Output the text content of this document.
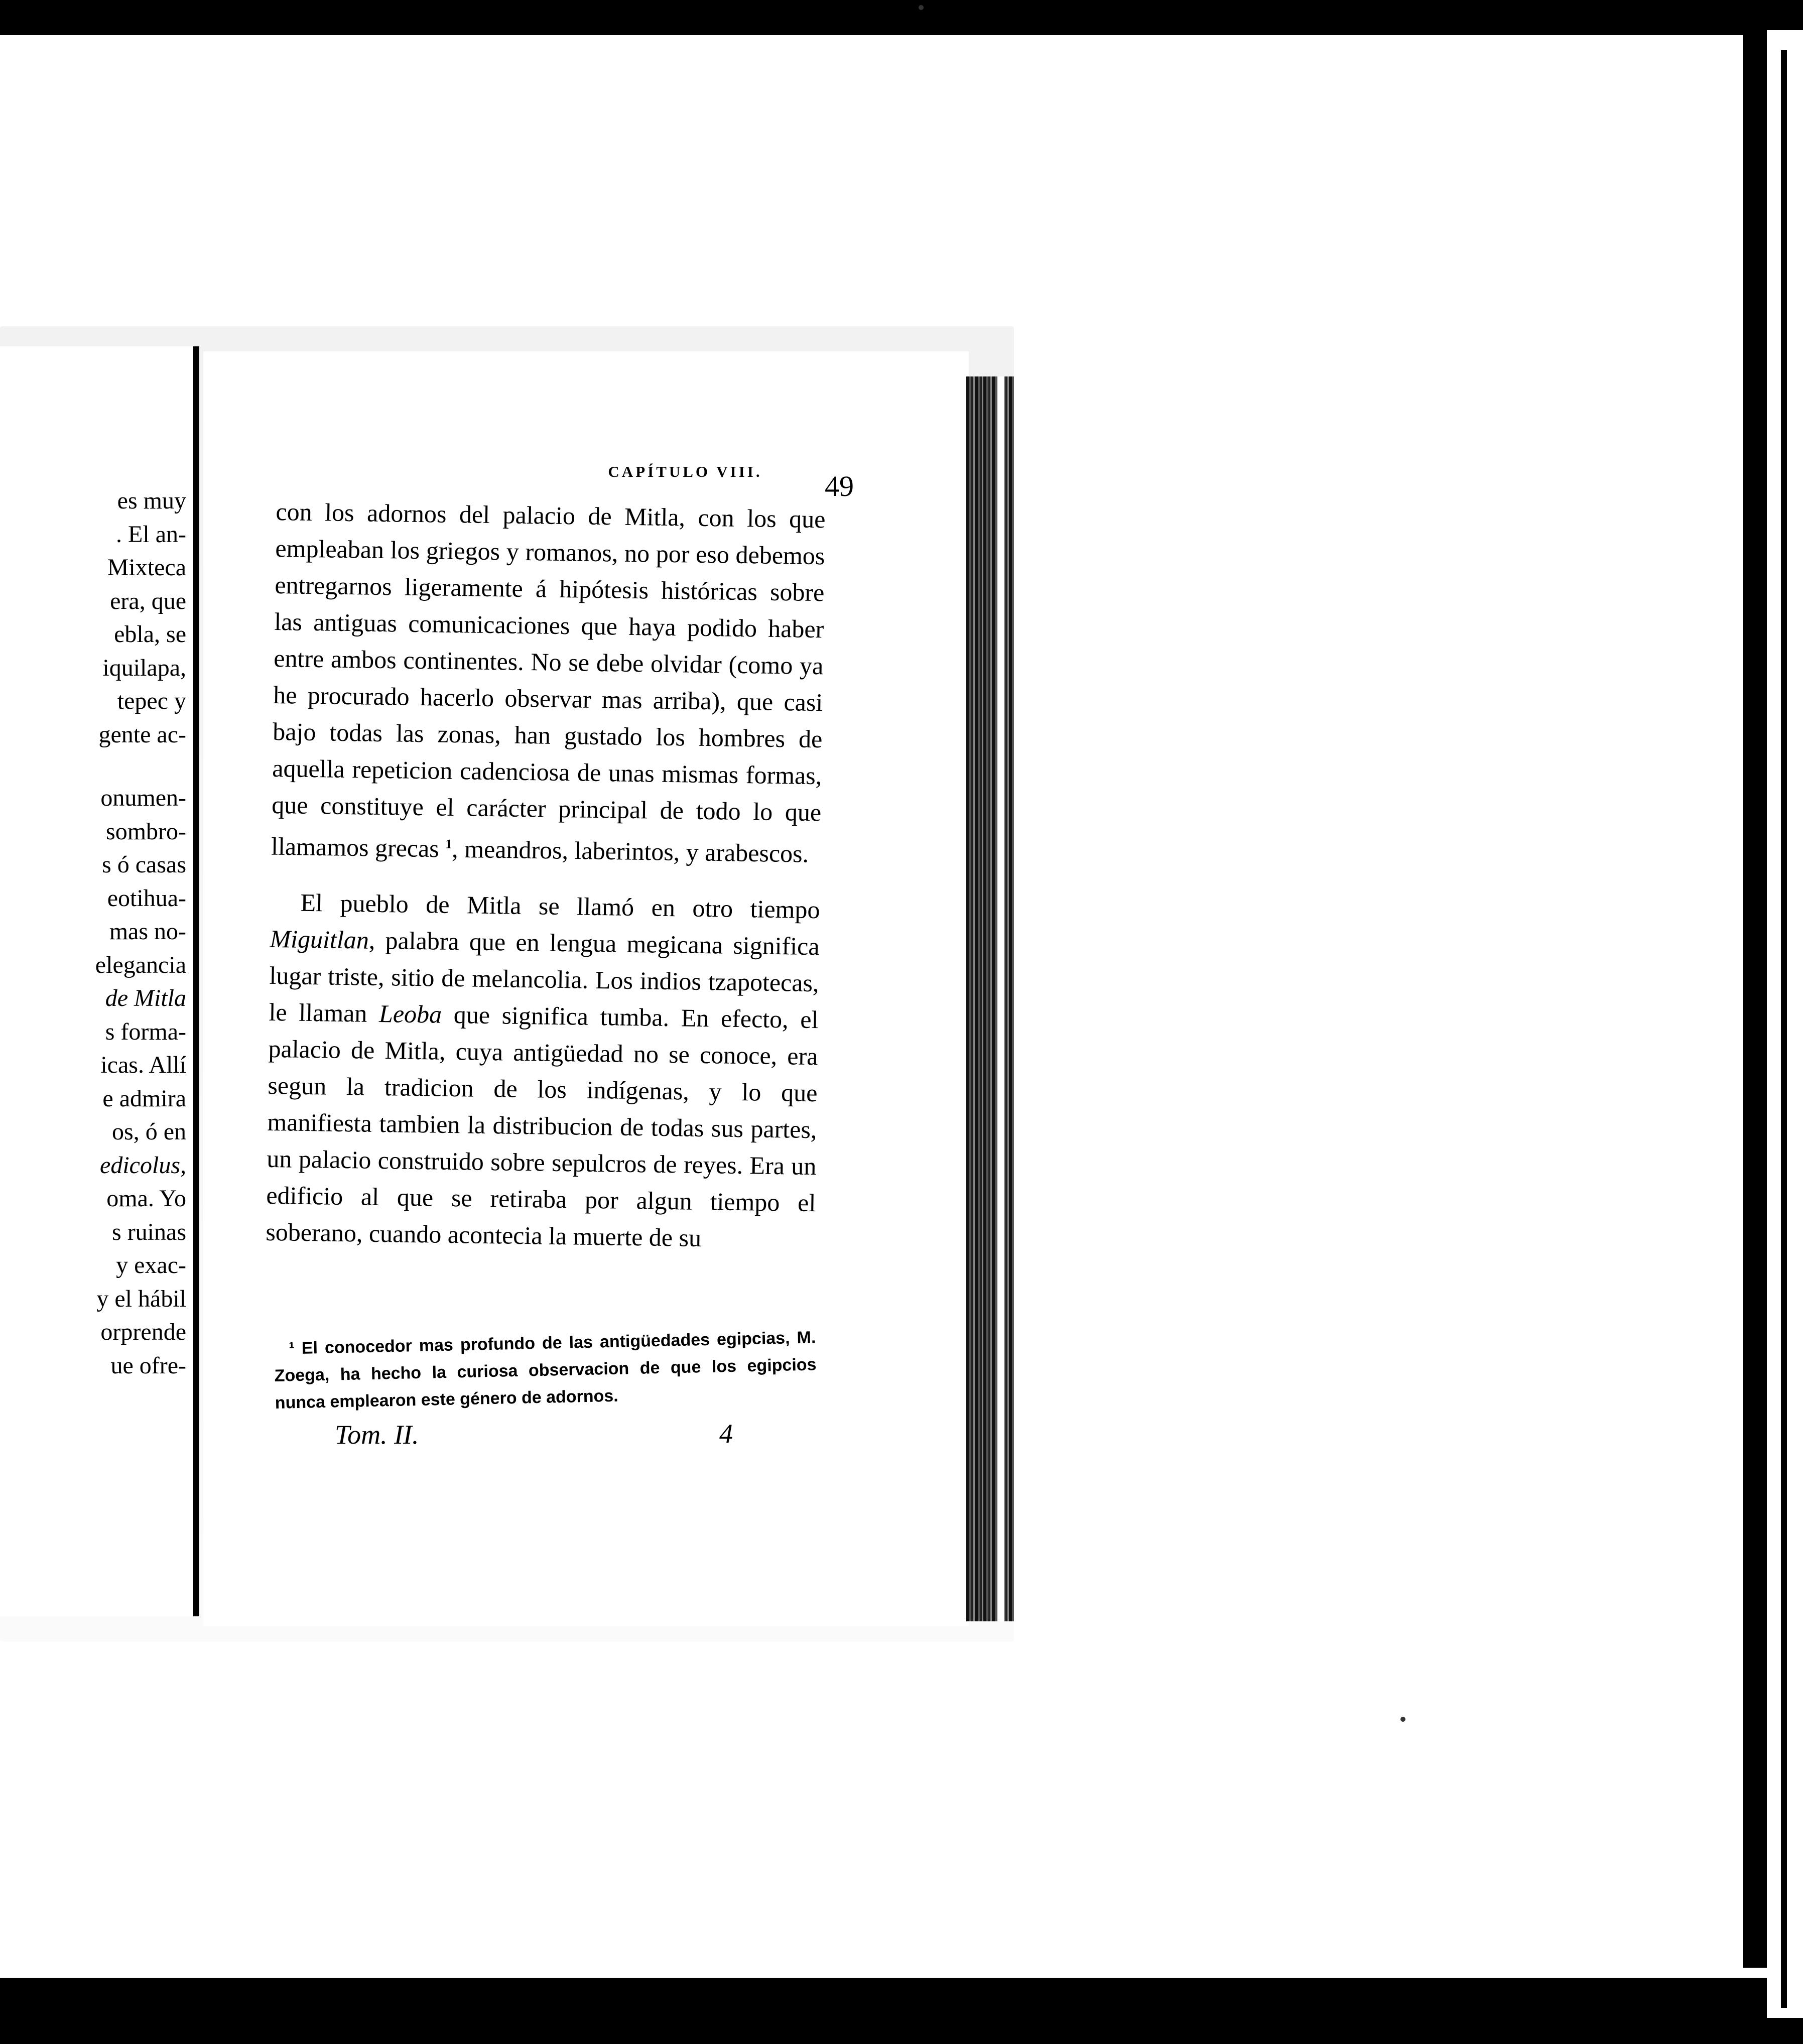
es muy
. El an-
Mixteca
era, que
ebla, se
iquilapa,
tepec y
gente ac-
onumen-
sombro-
s ó casas
eotihua-
mas no-
elegancia
de Mitla
s forma-
icas. Allí
e admira
os, ó en
edicolus,
oma. Yo
s ruinas
y exac-
y el hábil
orprende
ue ofre-
CAPÍTULO VIII.	49

con los adornos del palacio de Mitla, con los que empleaban los griegos y romanos, no por eso debemos entregarnos ligeramente á hipótesis históricas sobre las antiguas comunicaciones que haya podido haber entre ambos continentes. No se debe olvidar (como ya he procurado hacerlo observar mas arriba), que casi bajo todas las zonas, han gustado los hombres de aquella repeticion cadenciosa de unas mismas formas, que constituye el carácter principal de todo lo que llamamos grecas $^1$, meandros, laberintos, y arabescos.

El pueblo de Mitla se llamó en otro tiempo Miguitlan, palabra que en lengua megicana significa lugar triste, sitio de melancolia. Los indios tzapotecas, le llaman Leoba que significa tumba. En efecto, el palacio de Mitla, cuya antigüedad no se conoce, era segun la tradicion de los indígenas, y lo que manifiesta tambien la distribucion de todas sus partes, un palacio construido sobre sepulcros de reyes. Era un edificio al que se retiraba por algun tiempo el soberano, cuando acontecia la muerte de su

¹ El conocedor mas profundo de las antigüedades egipcias, M. Zoega, ha hecho la curiosa observacion de que los egipcios nunca emplearon este género de adornos.
Tom. II.	4
